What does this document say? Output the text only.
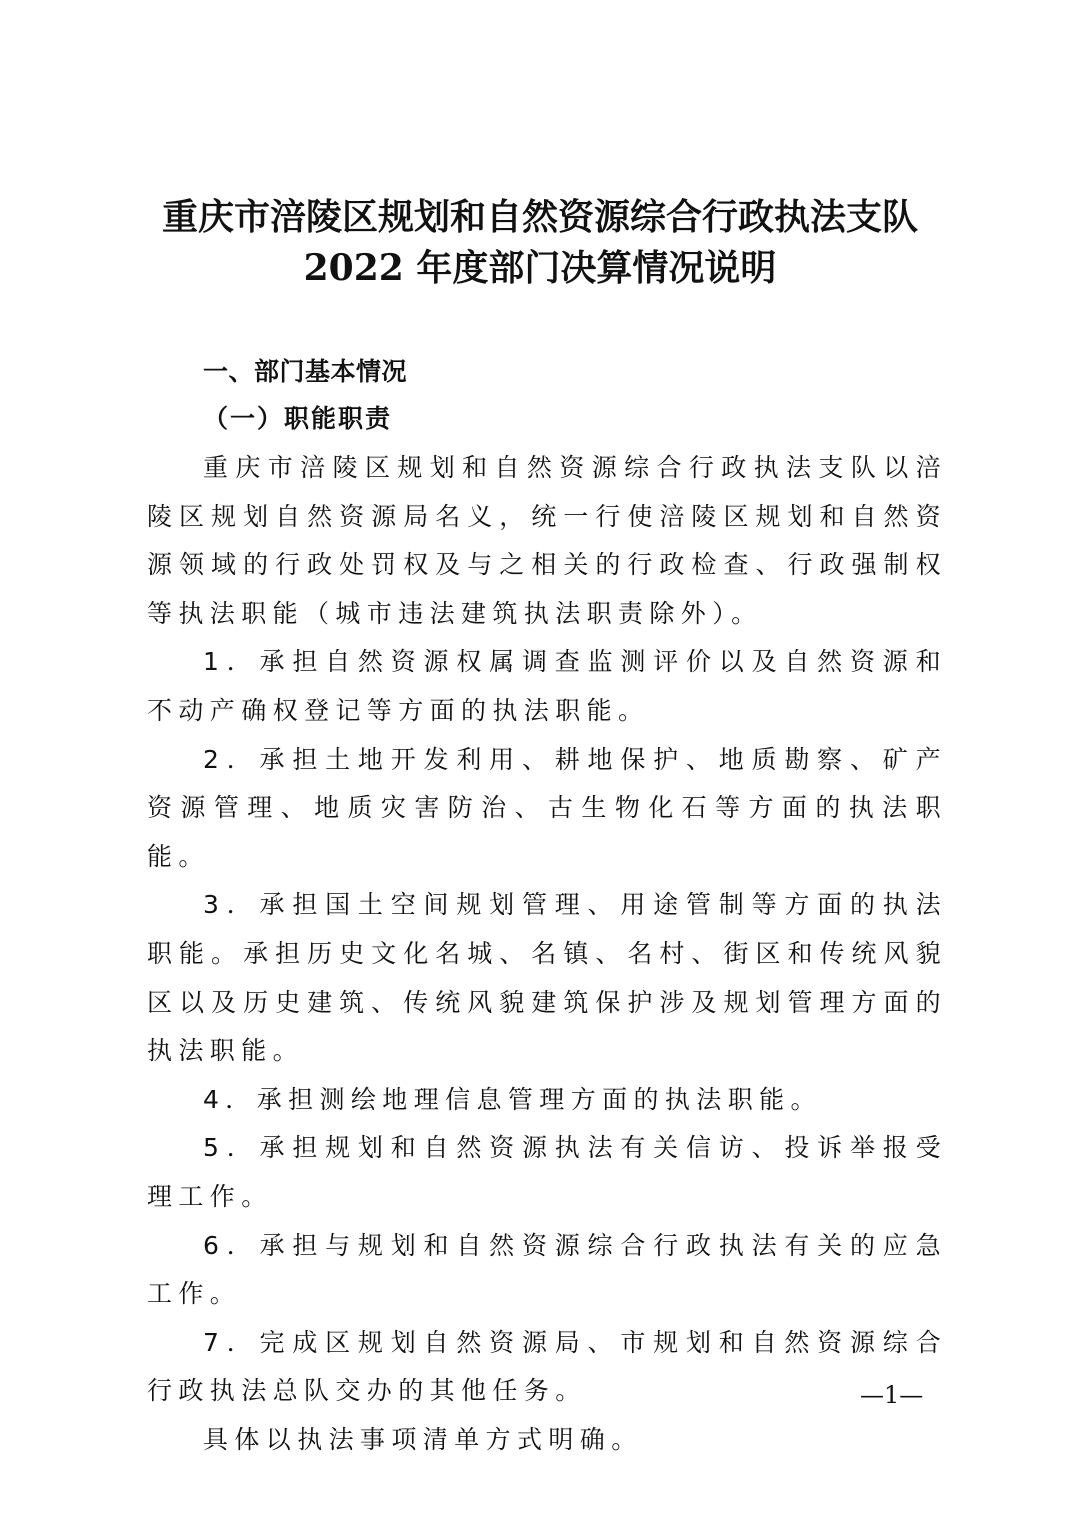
重庆市涪陵区规划和自然资源综合行政执法支队
2022 年度部门决算情况说明
一、部门基本情况
（一）职能职责

重庆市涪陵区规划和自然资源综合行政执法支队以涪陵区规划自然资源局名义，统一行使涪陵区规划和自然资源领域的行政处罚权及与之相关的行政检查、行政强制权等执法职能（城市违法建筑执法职责除外）。

1．承担自然资源权属调查监测评价以及自然资源和不动产确权登记等方面的执法职能。

2．承担土地开发利用、耕地保护、地质勘察、矿产资源管理、地质灾害防治、古生物化石等方面的执法职能。

3．承担国土空间规划管理、用途管制等方面的执法职能。承担历史文化名城、名镇、名村、街区和传统风貌区以及历史建筑、传统风貌建筑保护涉及规划管理方面的执法职能。

4．承担测绘地理信息管理方面的执法职能。

5．承担规划和自然资源执法有关信访、投诉举报受理工作。

6．承担与规划和自然资源综合行政执法有关的应急工作。

7．完成区规划自然资源局、市规划和自然资源综合行政执法总队交办的其他任务。

具体以执法事项清单方式明确。

—1—
